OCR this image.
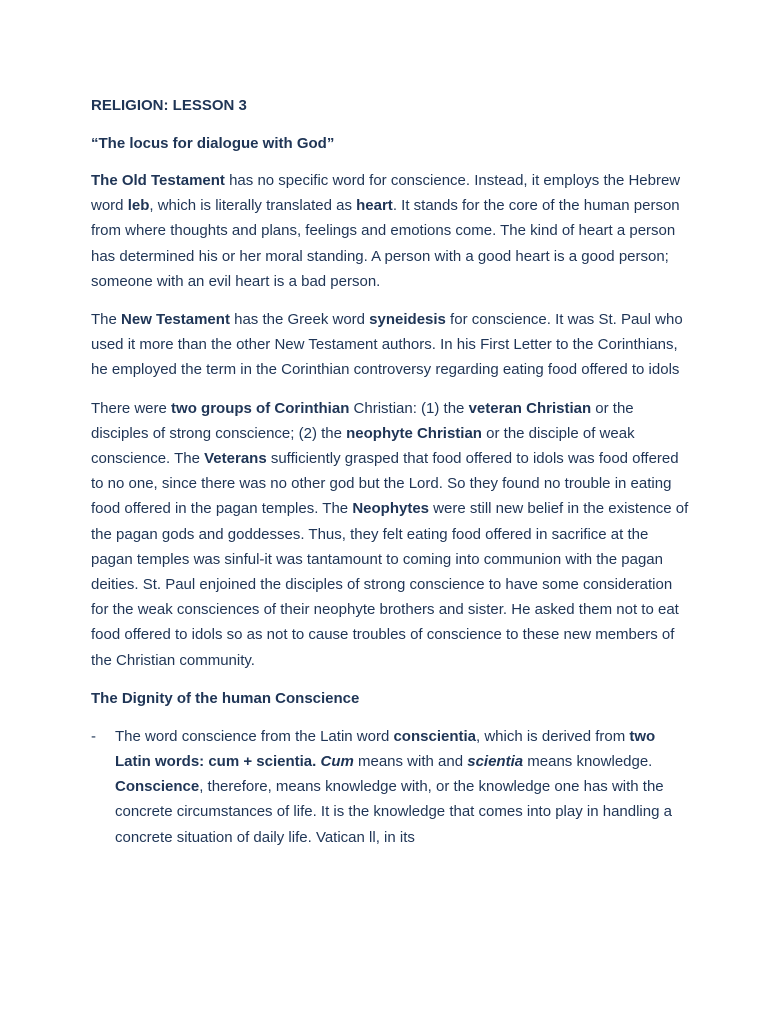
RELIGION: LESSON 3
“The locus for dialogue with God”

The Old Testament has no specific word for conscience. Instead, it employs the Hebrew word leb, which is literally translated as heart. It stands for the core of the human person from where thoughts and plans, feelings and emotions come. The kind of heart a person has determined his or her moral standing. A person with a good heart is a good person; someone with an evil heart is a bad person.

The New Testament has the Greek word syneidesis for conscience. It was St. Paul who used it more than the other New Testament authors. In his First Letter to the Corinthians, he employed the term in the Corinthian controversy regarding eating food offered to idols

There were two groups of Corinthian Christian: (1) the veteran Christian or the disciples of strong conscience; (2) the neophyte Christian or the disciple of weak conscience. The Veterans sufficiently grasped that food offered to idols was food offered to no one, since there was no other god but the Lord. So they found no trouble in eating food offered in the pagan temples. The Neophytes were still new belief in the existence of the pagan gods and goddesses. Thus, they felt eating food offered in sacrifice at the pagan temples was sinful-it was tantamount to coming into communion with the pagan deities. St. Paul enjoined the disciples of strong conscience to have some consideration for the weak consciences of their neophyte brothers and sister. He asked them not to eat food offered to idols so as not to cause troubles of conscience to these new members of the Christian community.

The Dignity of the human Conscience
-	The word conscience from the Latin word conscientia, which is derived from two Latin words: cum + scientia. Cum means with and scientia means knowledge. Conscience, therefore, means knowledge with, or the knowledge one has with the concrete circumstances of life. It is the knowledge that comes into play in handling a concrete situation of daily life. Vatican ll, in its
